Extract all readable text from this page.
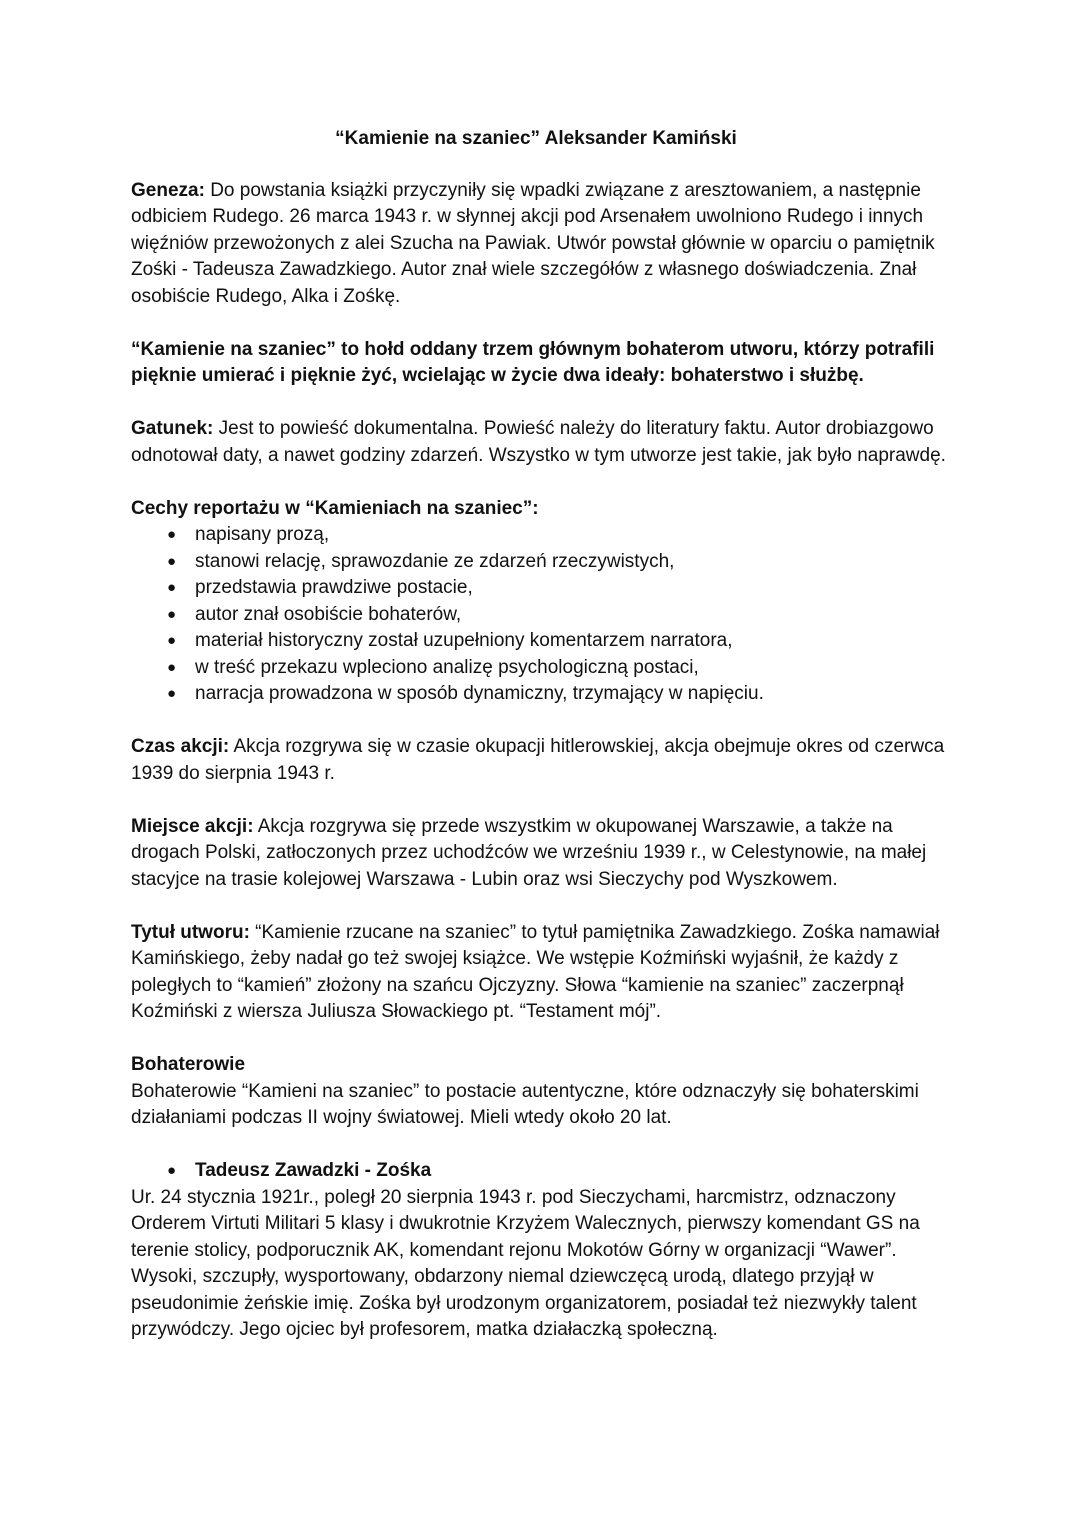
“Kamienie na szaniec” Aleksander Kamiński

Geneza: Do powstania książki przyczyniły się wpadki związane z aresztowaniem, a następnie odbiciem Rudego. 26 marca 1943 r. w słynnej akcji pod Arsenałem uwolniono Rudego i innych więźniów przewożonych z alei Szucha na Pawiak. Utwór powstał głównie w oparciu o pamiętnik Zośki - Tadeusza Zawadzkiego. Autor znał wiele szczegółów z własnego doświadczenia. Znał osobiście Rudego, Alka i Zośkę.

“Kamienie na szaniec” to hołd oddany trzem głównym bohaterom utworu, którzy potrafili pięknie umierać i pięknie żyć, wcielając w życie dwa ideały: bohaterstwo i służbę.

Gatunek: Jest to powieść dokumentalna. Powieść należy do literatury faktu. Autor drobiazgowo odnotował daty, a nawet godziny zdarzeń. Wszystko w tym utworze jest takie, jak było naprawdę.

Cechy reportażu w “Kamieniach na szaniec”:
● napisany prozą,
● stanowi relację, sprawozdanie ze zdarzeń rzeczywistych,
● przedstawia prawdziwe postacie,
● autor znał osobiście bohaterów,
● materiał historyczny został uzupełniony komentarzem narratora,
● w treść przekazu wpleciono analizę psychologiczną postaci,
● narracja prowadzona w sposób dynamiczny, trzymający w napięciu.

Czas akcji: Akcja rozgrywa się w czasie okupacji hitlerowskiej, akcja obejmuje okres od czerwca 1939 do sierpnia 1943 r.

Miejsce akcji: Akcja rozgrywa się przede wszystkim w okupowanej Warszawie, a także na drogach Polski, zatłoczonych przez uchodźców we wrześniu 1939 r., w Celestynowie, na małej stacyjce na trasie kolejowej Warszawa - Lubin oraz wsi Sieczychy pod Wyszkowem.

Tytuł utworu: “Kamienie rzucane na szaniec” to tytuł pamiętnika Zawadzkiego. Zośka namawiał Kamińskiego, żeby nadał go też swojej książce. We wstępie Koźmiński wyjaśnił, że każdy z poległych to “kamień” złożony na szańcu Ojczyzny. Słowa “kamienie na szaniec” zaczerpnął Koźmiński z wiersza Juliusza Słowackiego pt. “Testament mój”.

Bohaterowie

Bohaterowie “Kamieni na szaniec” to postacie autentyczne, które odznaczyły się bohaterskimi działaniami podczas II wojny światowej. Mieli wtedy około 20 lat.

● Tadeusz Zawadzki - Zośka

Ur. 24 stycznia 1921r., poległ 20 sierpnia 1943 r. pod Sieczychami, harcmistrz, odznaczony Orderem Virtuti Militari 5 klasy i dwukrotnie Krzyżem Walecznych, pierwszy komendant GS na terenie stolicy, podporucznik AK, komendant rejonu Mokotów Górny w organizacji “Wawer”. Wysoki, szczupły, wysportowany, obdarzony niemal dziewczęcą urodą, dlatego przyjął w pseudonimie żeńskie imię. Zośka był urodzonym organizatorem, posiadał też niezwykły talent przywódczy. Jego ojciec był profesorem, matka działaczką społeczną.
